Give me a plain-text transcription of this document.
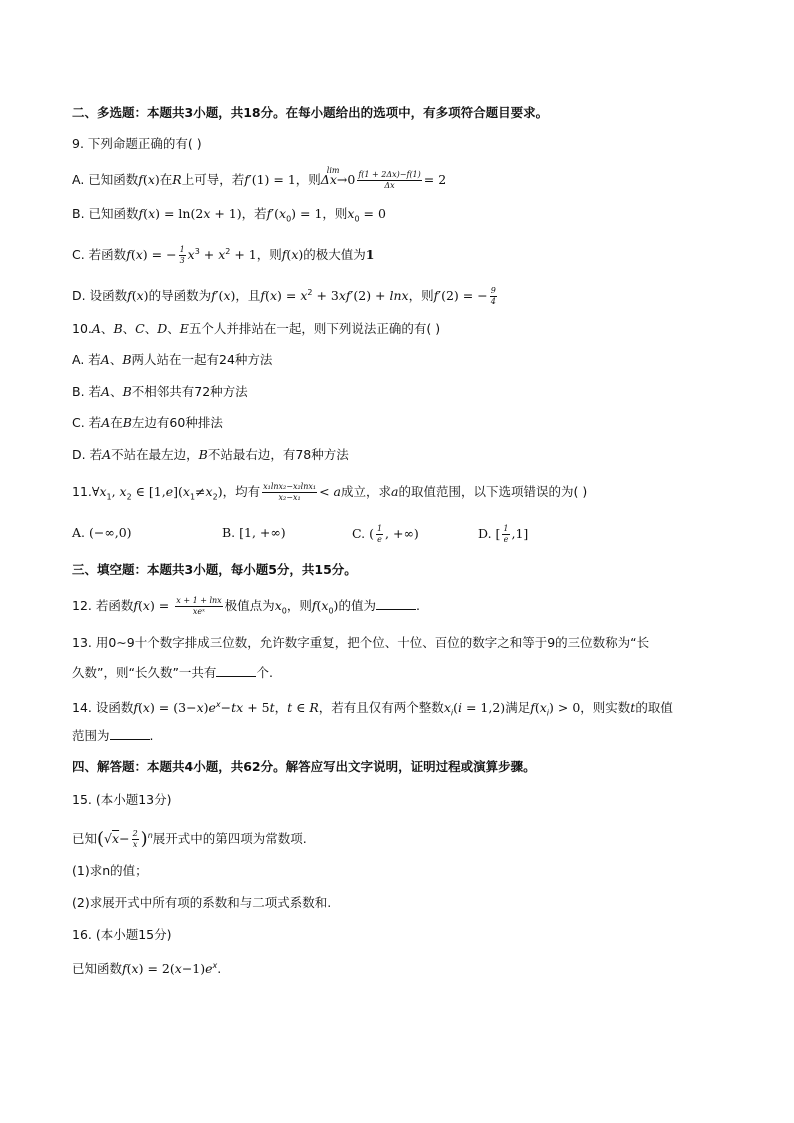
二、多选题：本题共3小题，共18分。在每小题给出的选项中，有多项符合题目要求。
9. 下列命题正确的有( )
A. 已知函数f(x)在R上可导，若f′(1) = 1，则
lim
$\Delta x\to 0 \frac{f(1 + 2\Delta x)-f(1)}{\Delta x} = 2$
B. 已知函数f(x) = ln(2x + 1)，若$f'(x_0) = 1$，则$x_0 = 0$
C. 若函数f(x) = − $\frac{1}{3} x^3 + x^2 + 1$，则f(x)的极大值为1
D. 设函数f(x)的导函数为f′(x)，且$f(x) = x^2 + 3xf'(2) + \ln x$，则f′(2) = − $\frac{9}{4}$
10.A、B、C、D、E五个人并排站在一起，则下列说法正确的有( )
A. 若A、B两人站在一起有24种方法
B. 若A、B不相邻共有72种方法
C. 若A在B左边有60种排法
D. 若A不站在最左边，B不站最右边，有78种方法
$11.\forall x_1$, $x_2$ ∈ $[1,e](x_1\ne x_2)$，均有 $\frac{\text{x₁lnx₂−x₂lnx₁}}{\text{x₂−x₁}} < a$成立，求a的取值范围，以下选项错误的为( )
A. (−∞,0)	B. [1, +∞)	C. ( $\frac{1}{e}$ , +∞)	D. [ $\frac{1}{e} ,1$]
三、填空题：本题共3小题，每小题5分，共15分。
12. 若函数$f(x) = \frac{x + 1 + \ln x}{\text{xeˣ}}$ 极值点为$x_0$，则$f(x_0)$的值为	.
13. 用0∼9十个数字排成三位数，允许数字重复，把个位、十位、百位的数字之和等于9的三位数称为“长
久数”，则“长久数”一共有	个.
14. 设函数$f(x) = (3-x)e^x-tx + 5t$，t ∈ R，若有且仅有两个整数$x_i(i = 1,2)$满足$f(x_i) > 0$，则实数t的取值
范围为	.
四、解答题：本题共4小题，共62分。解答应写出文字说明，证明过程或演算步骤。
15. (本小题13分)
已知$(√x- \frac{2}{x} )^n$展开式中的第四项为常数项.
(1)求n的值；
(2)求展开式中所有项的系数和与二项式系数和.
16. (本小题15分)
已知函数$f(x) = 2(x-1)e^x$.
